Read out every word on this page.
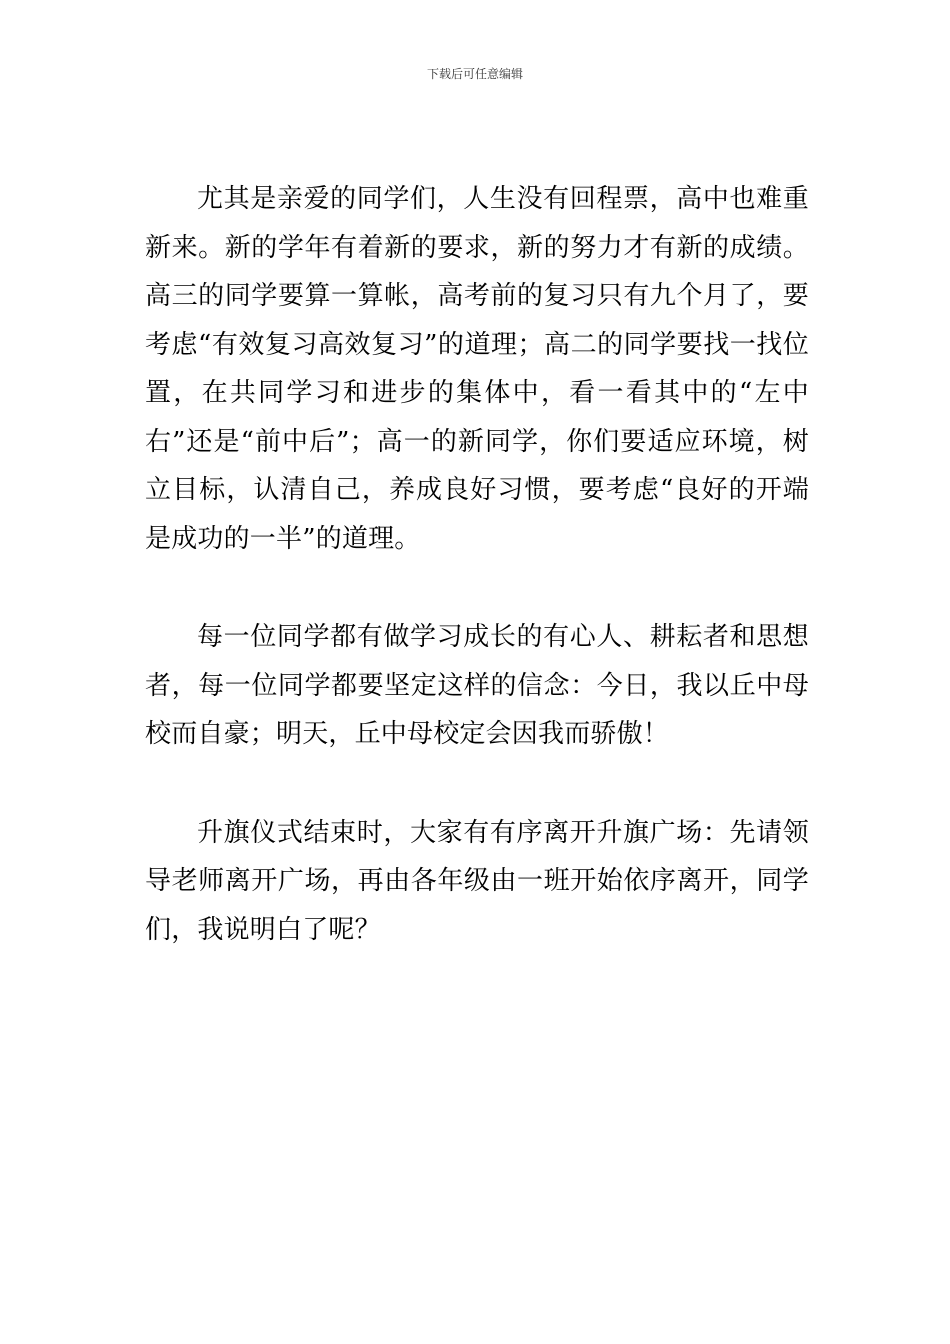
下载后可任意编辑

尤其是亲爱的同学们，人生没有回程票，高中也难重新来。新的学年有着新的要求，新的努力才有新的成绩。高三的同学要算一算帐，高考前的复习只有九个月了，要考虑“有效复习高效复习”的道理；高二的同学要找一找位置，在共同学习和进步的集体中，看一看其中的“左中右”还是“前中后”；高一的新同学，你们要适应环境，树立目标，认清自己，养成良好习惯，要考虑“良好的开端是成功的一半”的道理。

每一位同学都有做学习成长的有心人、耕耘者和思想者，每一位同学都要坚定这样的信念：今日，我以丘中母校而自豪；明天，丘中母校定会因我而骄傲！

升旗仪式结束时，大家有有序离开升旗广场：先请领导老师离开广场，再由各年级由一班开始依序离开，同学们，我说明白了呢？
